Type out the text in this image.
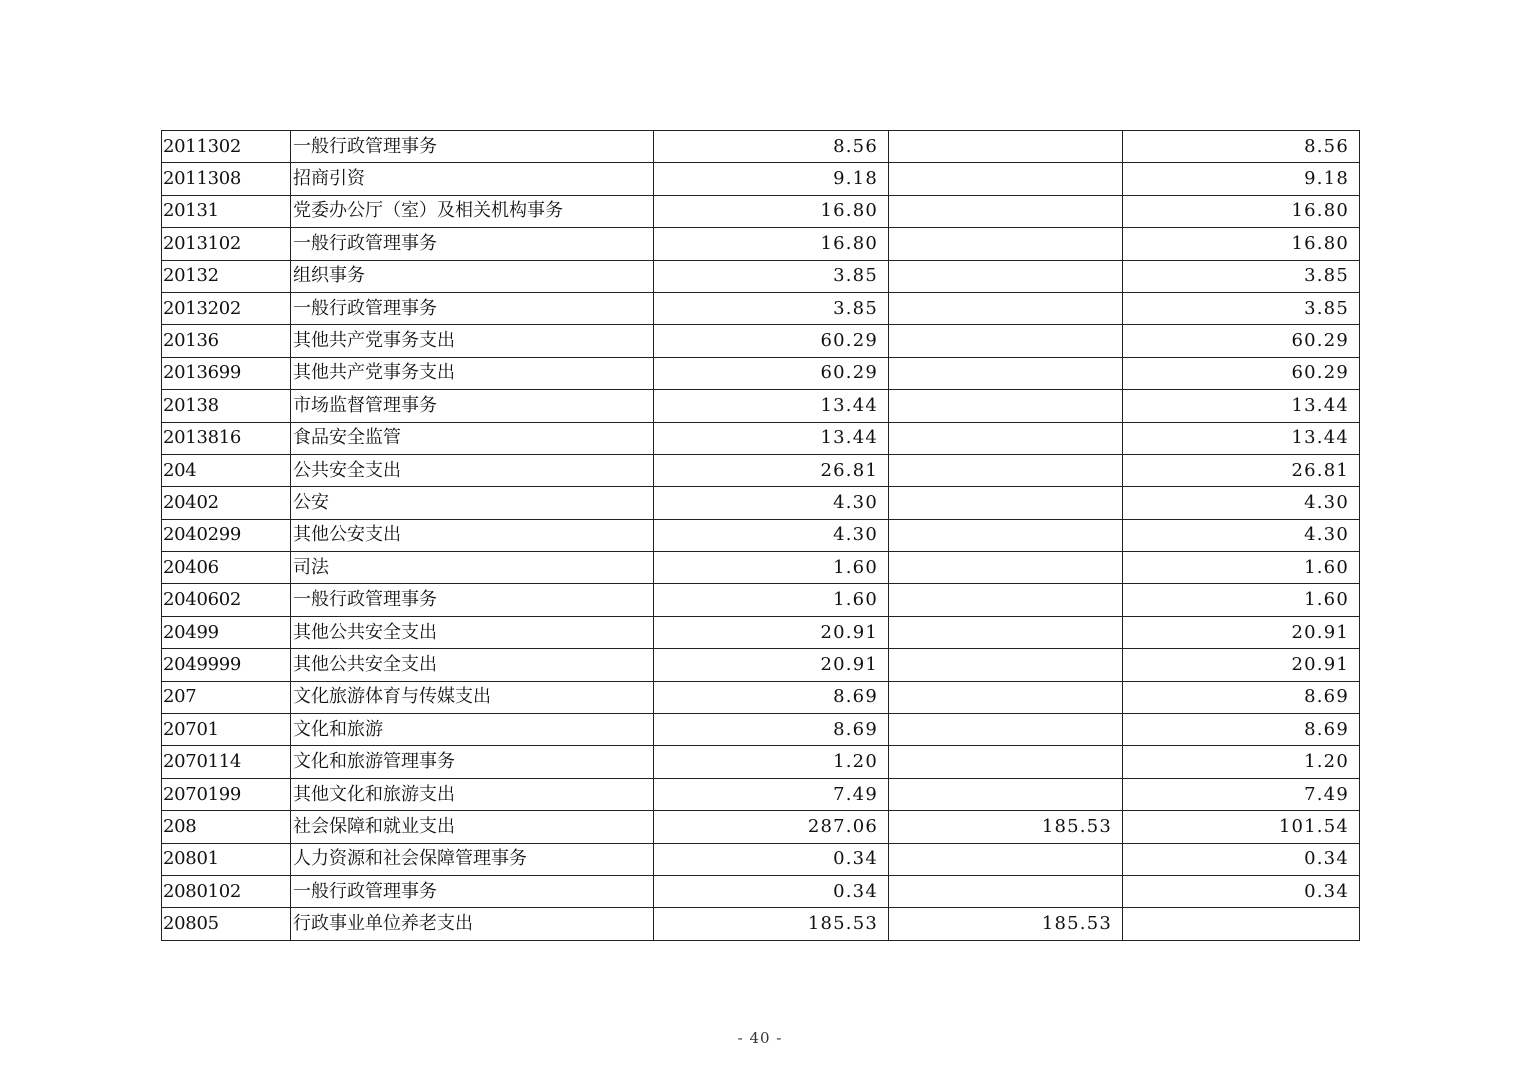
2011302	一般行政管理事务	8.56		8.56
2011308	招商引资	9.18		9.18
20131	党委办公厅（室）及相关机构事务	16.80		16.80
2013102	一般行政管理事务	16.80		16.80
20132	组织事务	3.85		3.85
2013202	一般行政管理事务	3.85		3.85
20136	其他共产党事务支出	60.29		60.29
2013699	其他共产党事务支出	60.29		60.29
20138	市场监督管理事务	13.44		13.44
2013816	食品安全监管	13.44		13.44
204	公共安全支出	26.81		26.81
20402	公安	4.30		4.30
2040299	其他公安支出	4.30		4.30
20406	司法	1.60		1.60
2040602	一般行政管理事务	1.60		1.60
20499	其他公共安全支出	20.91		20.91
2049999	其他公共安全支出	20.91		20.91
207	文化旅游体育与传媒支出	8.69		8.69
20701	文化和旅游	8.69		8.69
2070114	文化和旅游管理事务	1.20		1.20
2070199	其他文化和旅游支出	7.49		7.49
208	社会保障和就业支出	287.06	185.53	101.54
20801	人力资源和社会保障管理事务	0.34		0.34
2080102	一般行政管理事务	0.34		0.34
20805	行政事业单位养老支出	185.53	185.53	
- 40 -
